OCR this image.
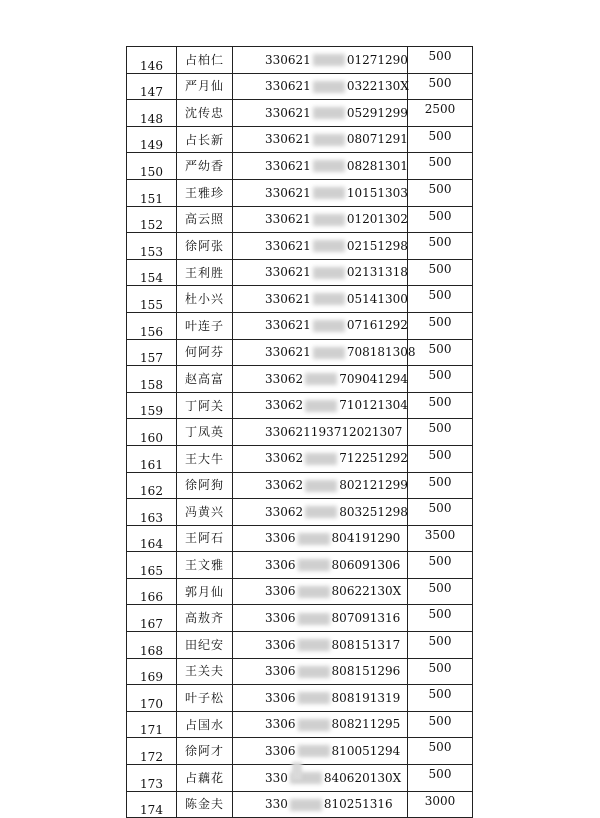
146	占柏仁	330621 01271290	500
147	严月仙	330621 0322130X	500
148	沈传忠	330621 05291299	2500
149	占长新	330621 08071291	500
150	严幼香	330621 08281301	500
151	王雅珍	330621 10151303	500
152	高云照	330621 01201302	500
153	徐阿张	330621 02151298	500
154	王利胜	330621 02131318	500
155	杜小兴	330621 05141300	500
156	叶连子	330621 07161292	500
157	何阿芬	330621 708181308	500
158	赵高富	33062 709041294	500
159	丁阿关	33062 710121304	500
160	丁凤英	330621193712021307	500
161	王大牛	33062 712251292	500
162	徐阿狗	33062 802121299	500
163	冯黄兴	33062 803251298	500
164	王阿石	3306 804191290	3500
165	王文雅	3306 806091306	500
166	郭月仙	3306 80622130X	500
167	高敖齐	3306 807091316	500
168	田纪安	3306 808151317	500
169	王关夫	3306 808151296	500
170	叶子松	3306 808191319	500
171	占国水	3306 808211295	500
172	徐阿才	3306 810051294	500
173	占藕花	330 840620130X	500
174	陈金夫	330 810251316	3000
